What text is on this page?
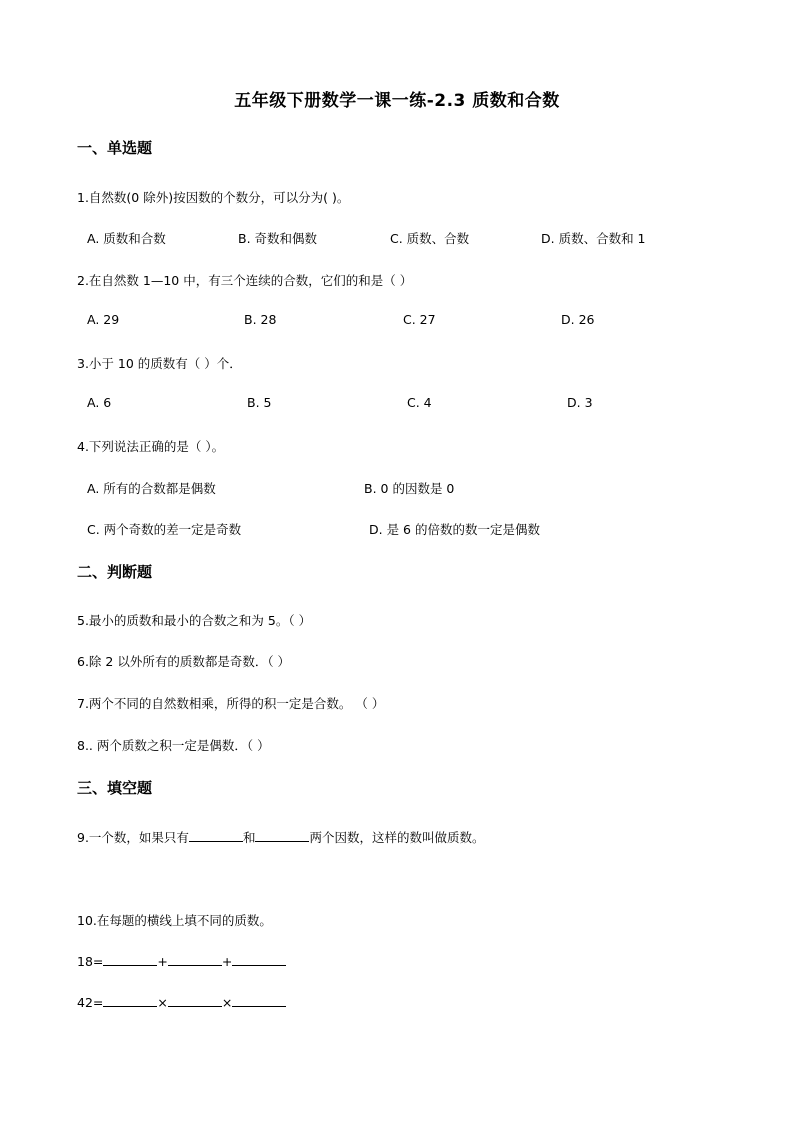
五年级下册数学一课一练-2.3 质数和合数
一、单选题
1.自然数(0 除外)按因数的个数分，可以分为( )。
A. 质数和合数	B. 奇数和偶数	C. 质数、合数	D. 质数、合数和 1
2.在自然数 1—10 中，有三个连续的合数，它们的和是（ ）
A. 29	B. 28	C. 27	D. 26
3.小于 10 的质数有（ ）个．
A. 6	B. 5	C. 4	D. 3
4.下列说法正确的是（ ）。
A. 所有的合数都是偶数	B. 0 的因数是 0
C. 两个奇数的差一定是奇数	D. 是 6 的倍数的数一定是偶数
二、判断题
5.最小的质数和最小的合数之和为 5。（ ）
6.除 2 以外所有的质数都是奇数．（ ）
7.两个不同的自然数相乘，所得的积一定是合数。 （ ）
8.. 两个质数之积一定是偶数．（ ）
三、填空题
9.一个数，如果只有	和	两个因数，这样的数叫做质数。
10.在每题的横线上填不同的质数。
18=	+	+
42=	×	×
